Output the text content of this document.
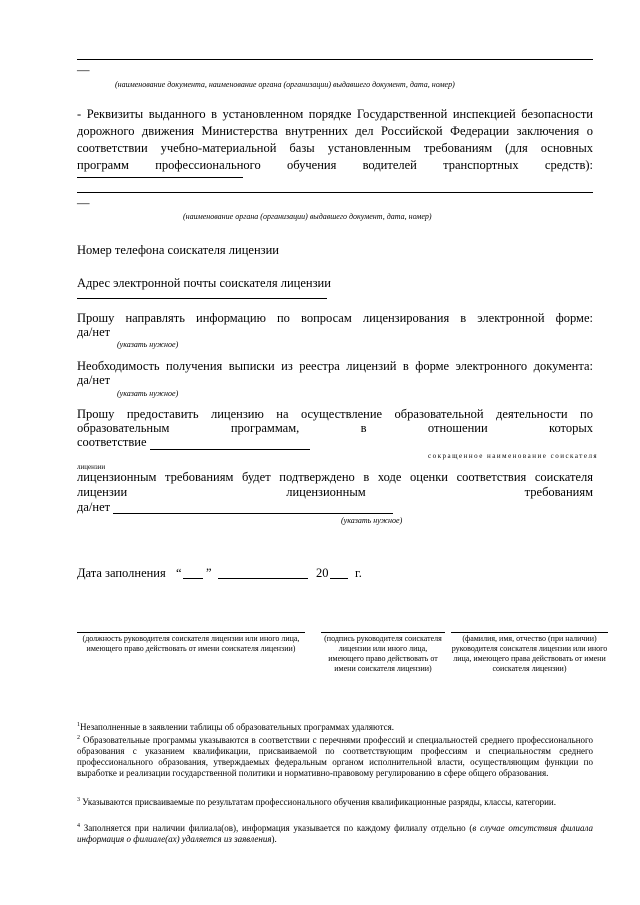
—
(наименование документа, наименование органа (организации) выдавшего документ, дата, номер)
- Реквизиты выданного в установленном порядке Государственной инспекцией безопасности
дорожного движения Министерства внутренних дел Российской Федерации заключения о
соответствии учебно-материальной базы установленным требованиям (для основных
программ профессионального обучения водителей транспортных средств):
—
(наименование органа (организации) выдавшего документ, дата, номер)
Номер телефона соискателя лицензии
Адрес электронной почты соискателя лицензии
Прошу направлять информацию по вопросам лицензирования в электронной форме:
да/нет
(указать нужное)
Необходимость получения выписки из реестра лицензий в форме электронного документа:
да/нет
(указать нужное)
Прошу предоставить лицензию на осуществление образовательной деятельности по
образовательным программам, в отношении которых
соответствие
сокращенное наименование соискателя
лицензии
лицензионным требованиям будет подтверждено в ходе оценки соответствия соискателя
лицензии лицензионным требованиям
да/нет
(указать нужное)
Дата заполнения “ ”	20 г.
(должность руководителя соискателя лицензии или иного лица, имеющего право действовать от имени соискателя лицензии)
(подпись руководителя соискателя лицензии или иного лица, имеющего право действовать от имени соискателя лицензии)
(фамилия, имя, отчество (при наличии) руководителя соискателя лицензии или иного лица, имеющего права действовать от имени соискателя лицензии)
$^1$Незаполненные в заявлении таблицы об образовательных программах удаляются.
$^2$ Образовательные программы указываются в соответствии с перечнями профессий и специальностей среднего профессионального образования с указанием квалификации, присваиваемой по соответствующим профессиям и специальностям среднего профессионального образования, утверждаемых федеральным органом исполнительной власти, осуществляющим функции по выработке и реализации государственной политики и нормативно-правовому регулированию в сфере общего образования.
$^3$ Указываются присваиваемые по результатам профессионального обучения квалификационные разряды, классы, категории.
$^4$ Заполняется при наличии филиала(ов), информация указывается по каждому филиалу отдельно (в случае отсутствия филиала информация о филиале(ах) удаляется из заявления).
